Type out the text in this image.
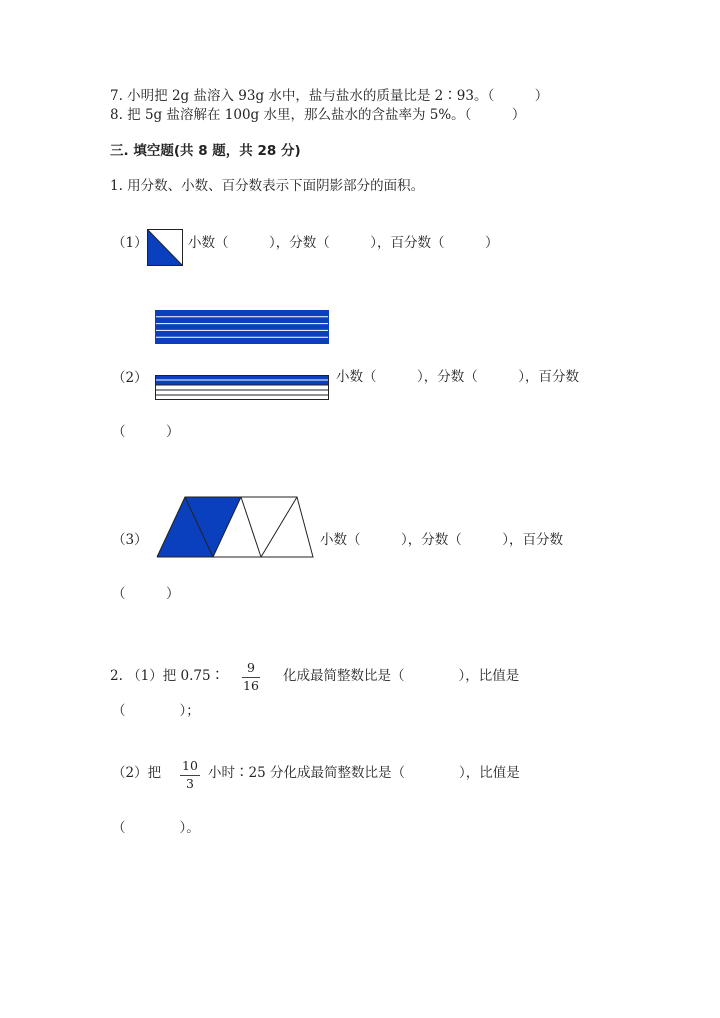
7. 小明把 2g 盐溶入 93g 水中，盐与盐水的质量比是 2∶93。（　　　）
8. 把 5g 盐溶解在 100g 水里，那么盐水的含盐率为 5%。（　　　）
三. 填空题(共 8 题，共 28 分)
1. 用分数、小数、百分数表示下面阴影部分的面积。
（1）	小数（　　　），分数（　　　），百分数（　　　）
（2）	小数（　　　），分数（　　　），百分数
（　　　）
（3）	小数（　　　），分数（　　　），百分数
（　　　）
2. （1）把 0.75∶
9
16
化成最简整数比是（　　　　），比值是
（　　　　）；
（2）把 10
3
小时∶25 分化成最简整数比是（　　　　），比值是
（　　　　）。
